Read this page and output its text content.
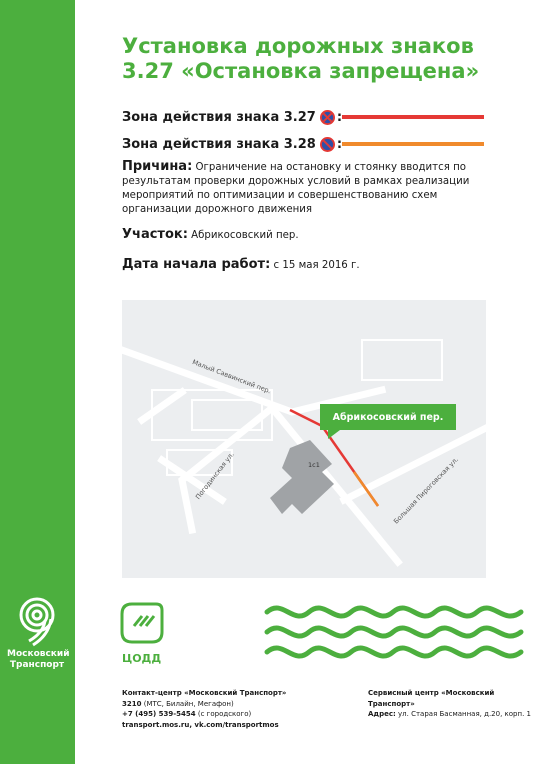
Московский
Транспорт
Установка дорожных знаков
3.27 «Остановка запрещена»
Зона действия знака 3.27 :
Зона действия знака 3.28 :
Причина: Ограничение на остановку и стоянку вводится по результатам проверки дорожных условий в рамках реализации мероприятий по оптимизации и совершенствованию схем организации дорожного движения
Участок: Абрикосовский пер.
Дата начала работ: с 15 мая 2016 г.
Абрикосовский пер.
1с1
Малый Саввинский пер.
Погодинская ул.	Большая Пироговская ул.
ЦОДД
Контакт-центр «Московский Транспорт»
3210 (МТС, Билайн, Мегафон)
+7 (495) 539-5454 (с городского)
transport.mos.ru, vk.com/transportmos
Сервисный центр «Московский Транспорт»
Адрес: ул. Старая Басманная, д.20, корп. 1
